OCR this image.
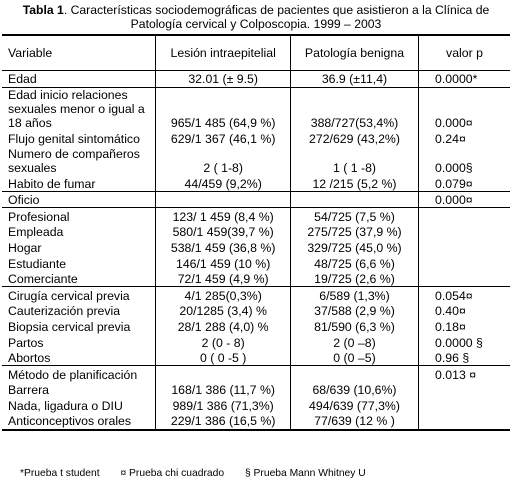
Tabla 1. Características sociodemográficas de pacientes que asistieron a la Clínica de
Patología cervical y Colposcopia. 1999 – 2003
Variable	Lesión intraepitelial	Patología benigna	valor p
Edad	32.01 (± 9.5)	36.9 (±11,4)	0.0000*
Edad inicio relaciones sexuales menor o igual a 18 años	965/1 485 (64,9 %)	388/727(53,4%)	0.000¤
Flujo genital sintomático	629/1 367 (46,1 %)	272/629 (43,2%)	0.24¤
Numero de compañeros sexuales	2 ( 1-8)	1 ( 1 -8)	0.000§
Habito de fumar	44/459 (9,2%)	12 /215 (5,2 %)	0.079¤
Oficio			0.000¤
Profesional	123/ 1 459 (8,4 %)	54/725 (7,5 %)	
Empleada	580/1 459(39,7 %)	275/725 (37,9 %)	
Hogar	538/1 459 (36,8 %)	329/725 (45,0 %)	
Estudiante	146/1 459 (10 %)	48/725 (6,6 %)	
Comerciante	72/1 459 (4,9 %)	19/725 (2,6 %)	
Cirugía cervical previa	4/1 285(0,3%)	6/589 (1,3%)	0.054¤
Cauterización previa	20/1285 (3,4) %	37/588 (2,9 %)	0.40¤
Biopsia cervical previa	28/1 288 (4,0) %	81/590 (6,3 %)	0.18¤
Partos	2 (0 - 8)	2 (0 –8)	0.0000 §
Abortos	0 ( 0 -5 )	0 (0 –5)	0.96 §
Método de planificación			0.013 ¤
Barrera	168/1 386 (11,7 %)	68/639 (10,6%)	
Nada, ligadura o DIU	989/1 386 (71,3%)	494/639 (77,3%)	
Anticonceptivos orales	229/1 386 (16,5 %)	77/639 (12 % )	
*Prueba t student ¤ Prueba chi cuadrado § Prueba Mann Whitney U
